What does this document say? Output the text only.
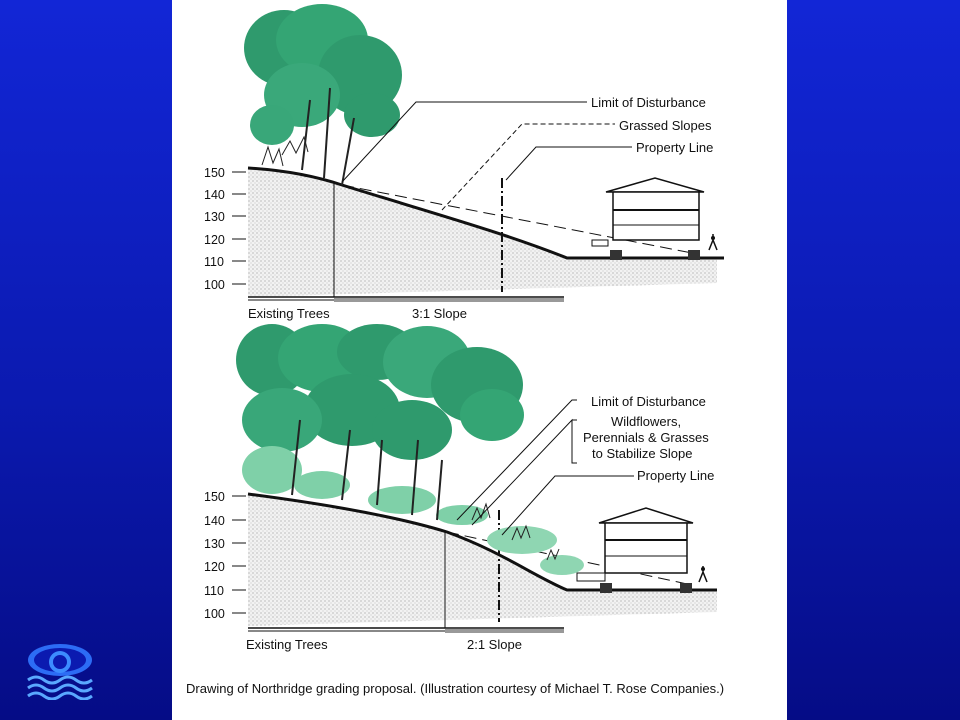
150
140
130
120
110
100
Limit of Disturbance
Grassed Slopes
Property Line
Existing Trees	3:1 Slope
150
140
130
120
110
100
Limit of Disturbance
Wildflowers,
Perennials & Grasses
to Stabilize Slope
Property Line
Existing Trees	2:1 Slope
Drawing of Northridge grading proposal. (Illustration courtesy of Michael T. Rose Companies.)
